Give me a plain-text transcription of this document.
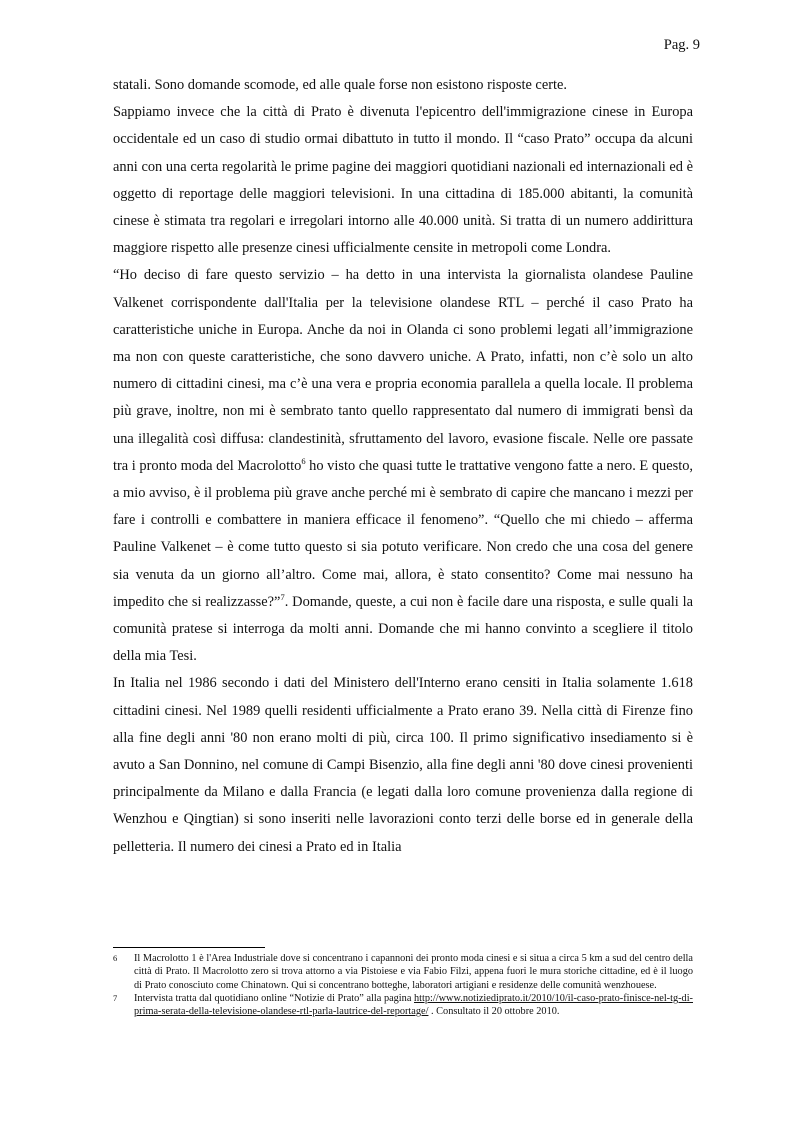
Pag. 9

statali. Sono domande scomode, ed alle quale forse non esistono risposte certe.

Sappiamo invece che la città di Prato è divenuta l'epicentro dell'immigrazione cinese in Europa occidentale ed un caso di studio ormai dibattuto in tutto il mondo. Il “caso Prato” occupa da alcuni anni con una certa regolarità le prime pagine dei maggiori quotidiani nazionali ed internazionali ed è oggetto di reportage delle maggiori televisioni. In una cittadina di 185.000 abitanti, la comunità cinese è stimata tra regolari e irregolari intorno alle 40.000 unità. Si tratta di un numero addirittura maggiore rispetto alle presenze cinesi ufficialmente censite in metropoli come Londra.

“Ho deciso di fare questo servizio – ha detto in una intervista la giornalista olandese Pauline Valkenet corrispondente dall'Italia per la televisione olandese RTL – perché il caso Prato ha caratteristiche uniche in Europa. Anche da noi in Olanda ci sono problemi legati all’immigrazione ma non con queste caratteristiche, che sono davvero uniche. A Prato, infatti, non c’è solo un alto numero di cittadini cinesi, ma c’è una vera e propria economia parallela a quella locale. Il problema più grave, inoltre, non mi è sembrato tanto quello rappresentato dal numero di immigrati bensì da una illegalità così diffusa: clandestinità, sfruttamento del lavoro, evasione fiscale. Nelle ore passate tra i pronto moda del Macrolotto$^6$ ho visto che quasi tutte le trattative vengono fatte a nero. E questo, a mio avviso, è il problema più grave anche perché mi è sembrato di capire che mancano i mezzi per fare i controlli e combattere in maniera efficace il fenomeno”. “Quello che mi chiedo – afferma Pauline Valkenet – è come tutto questo si sia potuto verificare. Non credo che una cosa del genere sia venuta da un giorno all’altro. Come mai, allora, è stato consentito? Come mai nessuno ha impedito che si realizzasse?”$^7$. Domande, queste, a cui non è facile dare una risposta, e sulle quali la comunità pratese si interroga da molti anni. Domande che mi hanno convinto a scegliere il titolo della mia Tesi.

In Italia nel 1986 secondo i dati del Ministero dell'Interno erano censiti in Italia solamente 1.618 cittadini cinesi. Nel 1989 quelli residenti ufficialmente a Prato erano 39. Nella città di Firenze fino alla fine degli anni '80 non erano molti di più, circa 100. Il primo significativo insediamento si è avuto a San Donnino, nel comune di Campi Bisenzio, alla fine degli anni '80 dove cinesi provenienti principalmente da Milano e dalla Francia (e legati dalla loro comune provenienza dalla regione di Wenzhou e Qingtian) si sono inseriti nelle lavorazioni conto terzi delle borse ed in generale della pelletteria. Il numero dei cinesi a Prato ed in Italia

6	Il Macrolotto 1 è l'Area Industriale dove si concentrano i capannoni dei pronto moda cinesi e si situa a circa 5 km a sud del centro della città di Prato. Il Macrolotto zero si trova attorno a via Pistoiese e via Fabio Filzi, appena fuori le mura storiche cittadine, ed è il luogo di Prato conosciuto come Chinatown. Qui si concentrano botteghe, laboratori artigiani e residenze delle comunità wenzhouese.
7	Intervista tratta dal quotidiano online “Notizie di Prato” alla pagina http://www.notiziediprato.it/2010/10/il-caso-prato-finisce-nel-tg-di-prima-serata-della-televisione-olandese-rtl-parla-lautrice-del-reportage/ . Consultato il 20 ottobre 2010.
